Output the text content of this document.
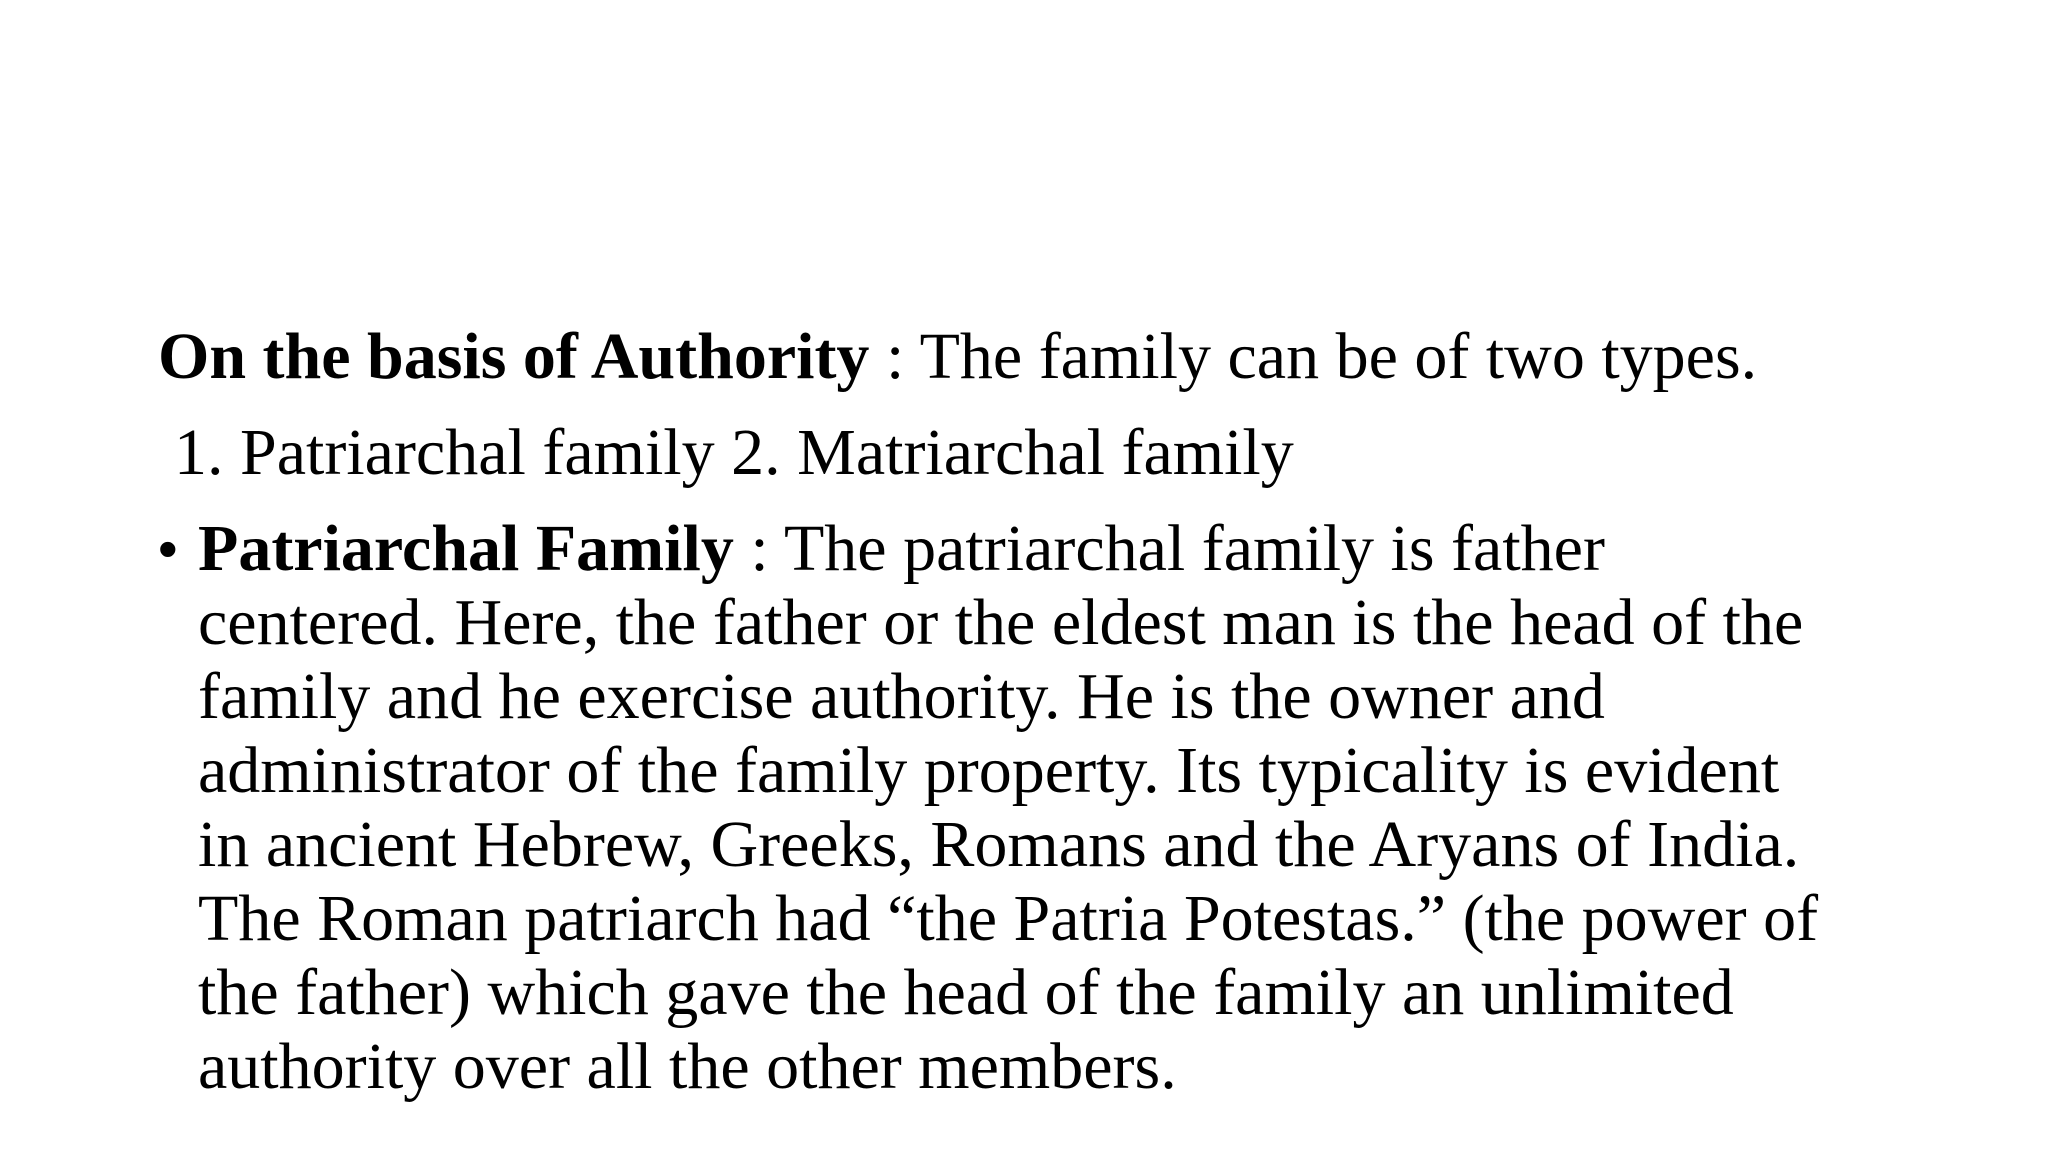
On the basis of Authority : The family can be of two types.
1. Patriarchal family 2. Matriarchal family
• Patriarchal Family : The patriarchal family is father
centered. Here, the father or the eldest man is the head of the
family and he exercise authority. He is the owner and
administrator of the family property. Its typicality is evident
in ancient Hebrew, Greeks, Romans and the Aryans of India.
The Roman patriarch had “the Patria Potestas.” (the power of
the father) which gave the head of the family an unlimited
authority over all the other members.
